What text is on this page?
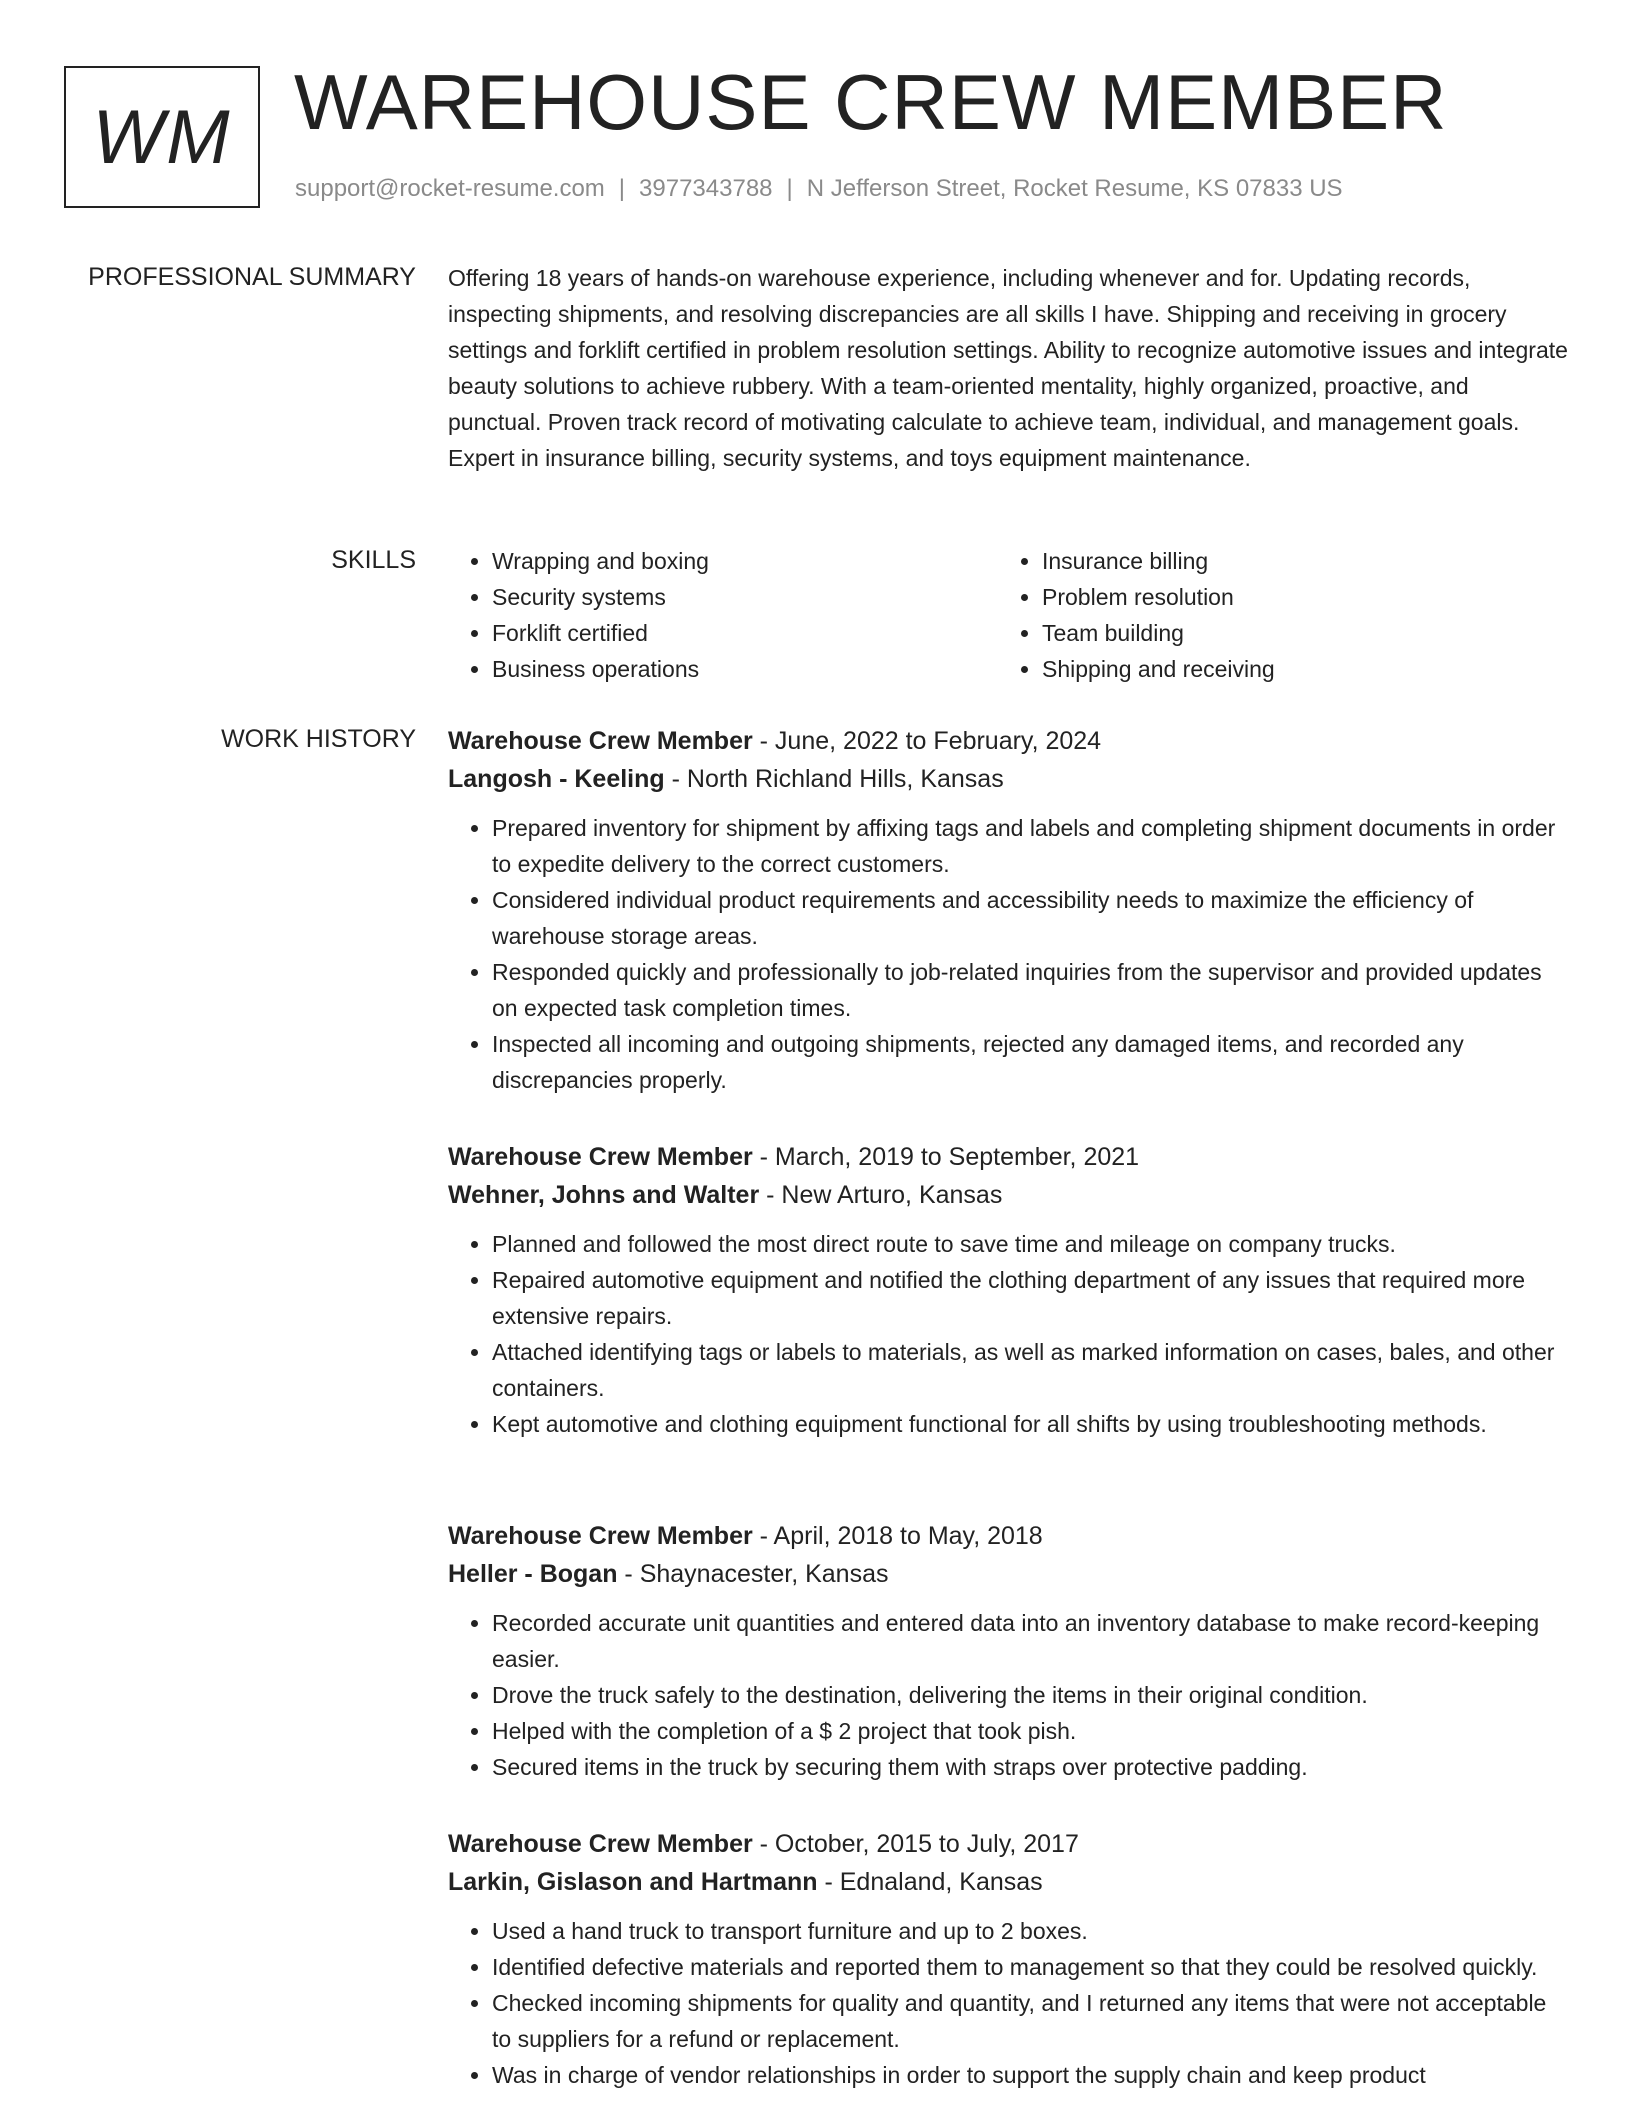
WM WAREHOUSE CREW MEMBER
support@rocket-resume.com | 3977343788 | N Jefferson Street, Rocket Resume, KS 07833 US
PROFESSIONAL SUMMARY Offering 18 years of hands-on warehouse experience, including whenever and for. Updating records, inspecting shipments, and resolving discrepancies are all skills I have. Shipping and receiving in grocery settings and forklift certified in problem resolution settings. Ability to recognize automotive issues and integrate beauty solutions to achieve rubbery. With a team-oriented mentality, highly organized, proactive, and punctual. Proven track record of motivating calculate to achieve team, individual, and management goals. Expert in insurance billing, security systems, and toys equipment maintenance.

SKILLS
•	Wrapping and boxing
• Security systems
• Forklift certified
• Business operations
• Insurance billing
• Problem resolution
• Team building
• Shipping and receiving
WORK HISTORY Warehouse Crew Member - June, 2022 to February, 2024
Langosh - Keeling - North Richland Hills, Kansas
• Prepared inventory for shipment by affixing tags and labels and completing shipment documents in order to expedite delivery to the correct customers.
• Considered individual product requirements and accessibility needs to maximize the efficiency of warehouse storage areas.
• Responded quickly and professionally to job-related inquiries from the supervisor and provided updates on expected task completion times.
• Inspected all incoming and outgoing shipments, rejected any damaged items, and recorded any discrepancies properly.
Warehouse Crew Member - March, 2019 to September, 2021
Wehner, Johns and Walter - New Arturo, Kansas
• Planned and followed the most direct route to save time and mileage on company trucks.
• Repaired automotive equipment and notified the clothing department of any issues that required more extensive repairs.
• Attached identifying tags or labels to materials, as well as marked information on cases, bales, and other containers.
• Kept automotive and clothing equipment functional for all shifts by using troubleshooting methods.
Warehouse Crew Member - April, 2018 to May, 2018
Heller - Bogan - Shaynacester, Kansas
• Recorded accurate unit quantities and entered data into an inventory database to make record-keeping easier.
• Drove the truck safely to the destination, delivering the items in their original condition.
• Helped with the completion of a $ 2 project that took pish.
• Secured items in the truck by securing them with straps over protective padding.
Warehouse Crew Member - October, 2015 to July, 2017
Larkin, Gislason and Hartmann - Ednaland, Kansas
• Used a hand truck to transport furniture and up to 2 boxes.
• Identified defective materials and reported them to management so that they could be resolved quickly.
• Checked incoming shipments for quality and quantity, and I returned any items that were not acceptable to suppliers for a refund or replacement.
• Was in charge of vendor relationships in order to support the supply chain and keep product
